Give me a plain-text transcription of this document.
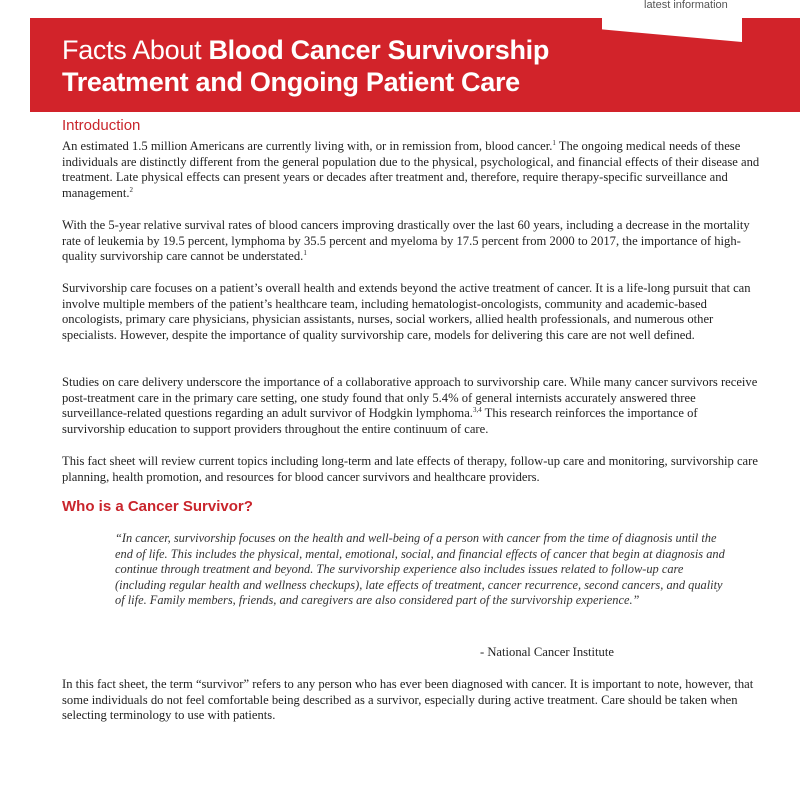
latest information
Facts About Blood Cancer Survivorship
Treatment and Ongoing Patient Care
Introduction

An estimated 1.5 million Americans are currently living with, or in remission from, blood cancer.$^1$ The ongoing medical needs of these individuals are distinctly different from the general population due to the physical, psychological, and financial effects of their disease and treatment. Late physical effects can present years or decades after treatment and, therefore, require therapy-specific surveillance and management.$^2$

With the 5-year relative survival rates of blood cancers improving drastically over the last 60 years, including a decrease in the mortality rate of leukemia by 19.5 percent, lymphoma by 35.5 percent and myeloma by 17.5 percent from 2000 to 2017, the importance of high-quality survivorship care cannot be understated.$^1$

Survivorship care focuses on a patient’s overall health and extends beyond the active treatment of cancer. It is a life-long pursuit that can involve multiple members of the patient’s healthcare team, including hematologist-oncologists, community and academic-based oncologists, primary care physicians, physician assistants, nurses, social workers, allied health professionals, and numerous other specialists. However, despite the importance of quality survivorship care, models for delivering this care are not well defined.

Studies on care delivery underscore the importance of a collaborative approach to survivorship care. While many cancer survivors receive post-treatment care in the primary care setting, one study found that only 5.4% of general internists accurately answered three surveillance-related questions regarding an adult survivor of Hodgkin lymphoma.$^{3,4}$ This research reinforces the importance of survivorship education to support providers throughout the entire continuum of care.

This fact sheet will review current topics including long-term and late effects of therapy, follow-up care and monitoring, survivorship care planning, health promotion, and resources for blood cancer survivors and healthcare providers.

Who is a Cancer Survivor?

“In cancer, survivorship focuses on the health and well-being of a person with cancer from the time of diagnosis until the end of life. This includes the physical, mental, emotional, social, and financial effects of cancer that begin at diagnosis and continue through treatment and beyond. The survivorship experience also includes issues related to follow-up care (including regular health and wellness checkups), late effects of treatment, cancer recurrence, second cancers, and quality of life. Family members, friends, and caregivers are also considered part of the survivorship experience.”

- National Cancer Institute

In this fact sheet, the term “survivor” refers to any person who has ever been diagnosed with cancer. It is important to note, however, that some individuals do not feel comfortable being described as a survivor, especially during active treatment. Care should be taken when selecting terminology to use with patients.
